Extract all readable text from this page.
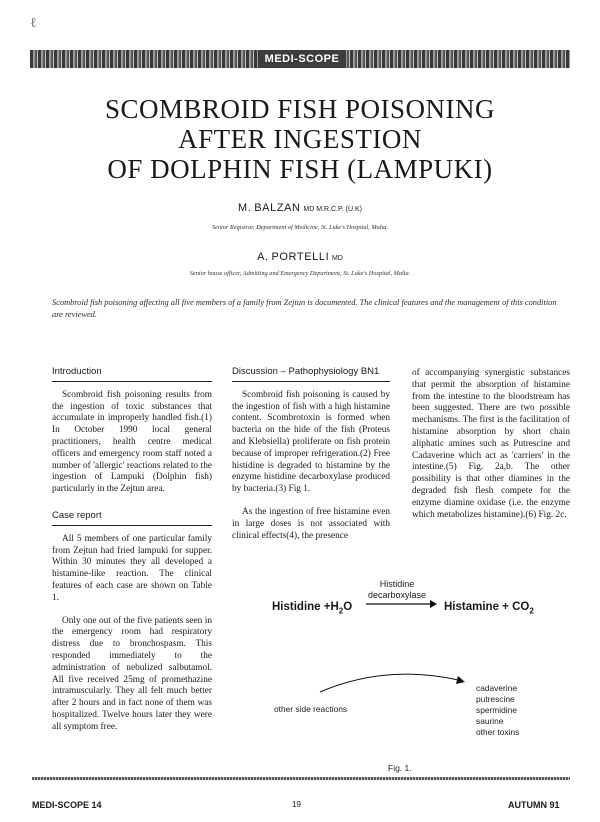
ℓ
MEDI-SCOPE
SCOMBROID FISH POISONING
AFTER INGESTION
OF DOLPHIN FISH (LAMPUKI)
M. BALZAN MD M.R.C.P. (U.K)
Senior Registrar, Department of Medicine, St. Luke's Hospital, Malta.
A. PORTELLI MD
Senior house officer, Admitting and Emergency Department, St. Luke's Hospital, Malta.
Scombroid fish poisoning affecting all five members of a family from Zejtun is documented. The clinical features and the management of this condition are reviewed.
Introduction

Scombroid fish poisoning results from the ingestion of toxic substances that accumulate in improperly handled fish.(1) In October 1990 local general practitioners, health centre medical officers and emergency room staff noted a number of 'allergic' reactions related to the ingestion of Lampuki (Dolphin fish) particularly in the Zejtun area.

Case report

All 5 members of one particular family from Zejtun had fried lampuki for supper. Within 30 minutes they all developed a histamine-like reaction. The clinical features of each case are shown on Table 1.

Only one out of the five patients seen in the emergency room had respiratory distress due to bronchospasm. This responded immediately to the administration of nebulized salbutamol. All five received 25mg of promethazine intramuscularly. They all felt much better after 2 hours and in fact none of them was hospitalized. Twelve hours later they were all symptom free.

Discussion – Pathophysiology BN1

Scombroid fish poisoning is caused by the ingestion of fish with a high histamine content. Scombrotoxin is formed when bacteria on the hide of the fish (Proteus and Klebsiella) proliferate on fish protein because of improper refrigeration.(2) Free histidine is degraded to histamine by the enzyme histidine decarboxylase produced by bacteria.(3) Fig 1.

As the ingestion of free histamine even in large doses is not associated with clinical effects(4), the presence

of accompanying synergistic substances that permit the absorption of histamine from the intestine to the bloodstream has been suggested. There are two possible mechanisms. The first is the facilitation of histamine absorption by short chain aliphatic amines such as Putrescine and Cadaverine which act as 'carriers' in the intestine.(5) Fig. 2a,b. The other possibility is that other diamines in the degraded fish flesh compete for the enzyme diamine oxidase (i.e. the enzyme which metabolizes histamine).(6) Fig. 2c.

Histidine
decarboxylase
Histidine $+H_2O$	Histamine + $CO_2$
other side reactions
cadaverine
putrescine
spermidine
saurine
other toxins
Fig. 1.
MEDI-SCOPE 14	19	AUTUMN 91
